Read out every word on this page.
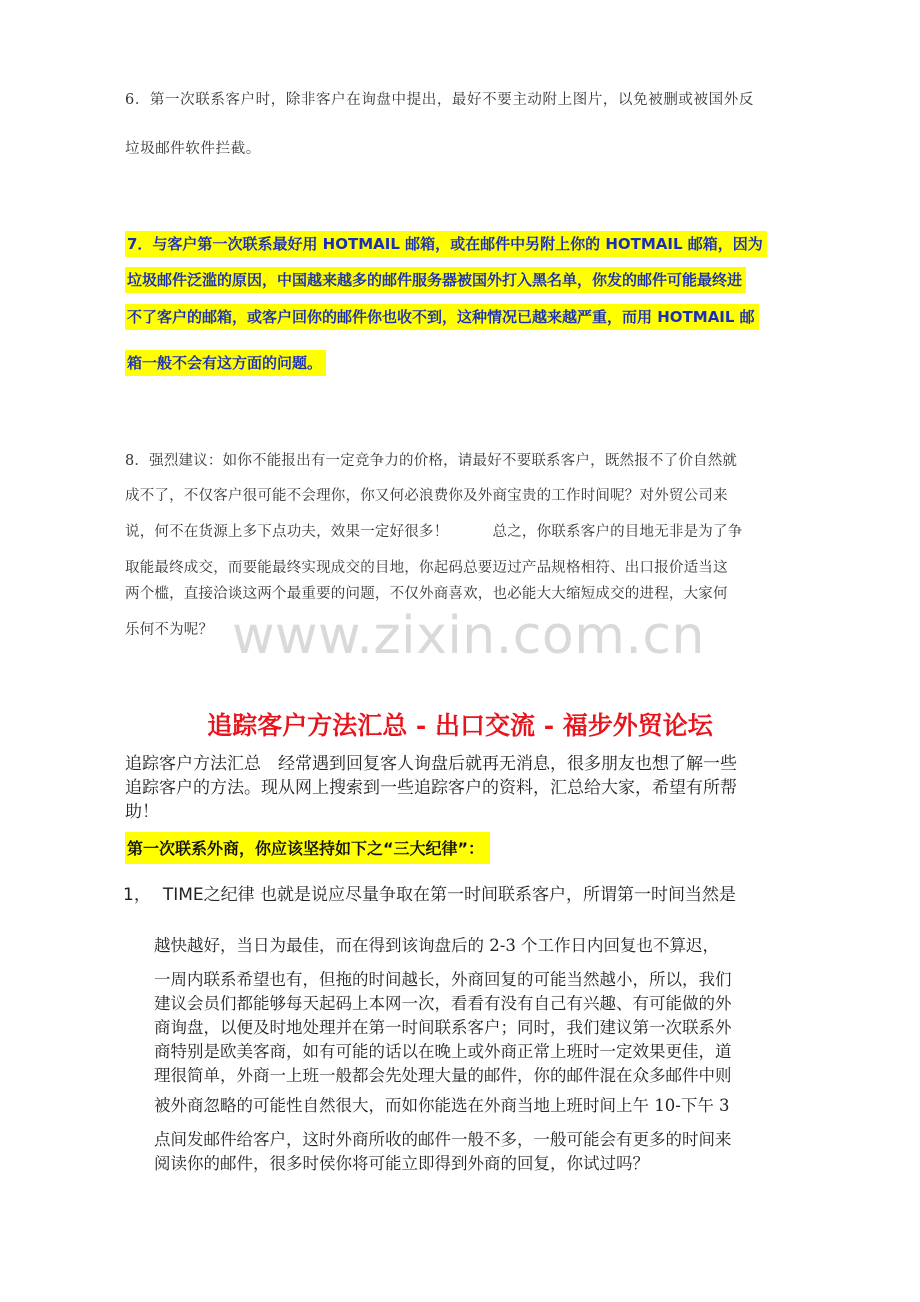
6．第一次联系客户时，除非客户在询盘中提出，最好不要主动附上图片，以免被删或被国外反
垃圾邮件软件拦截。
7．与客户第一次联系最好用 HOTMAIL 邮箱，或在邮件中另附上你的 HOTMAIL 邮箱，因为
垃圾邮件泛滥的原因，中国越来越多的邮件服务器被国外打入黑名单，你发的邮件可能最终进
不了客户的邮箱，或客户回你的邮件你也收不到，这种情况已越来越严重，而用 HOTMAIL 邮
箱一般不会有这方面的问题。
8．强烈建议：如你不能报出有一定竞争力的价格，请最好不要联系客户，既然报不了价自然就
成不了，不仅客户很可能不会理你，你又何必浪费你及外商宝贵的工作时间呢？对外贸公司来
说，何不在货源上多下点功夫，效果一定好很多！　　　总之，你联系客户的目地无非是为了争
取能最终成交，而要能最终实现成交的目地，你起码总要迈过产品规格相符、出口报价适当这
两个槛，直接洽谈这两个最重要的问题，不仅外商喜欢，也必能大大缩短成交的进程，大家何
乐何不为呢？ www.zixin.com.cn
追踪客户方法汇总 - 出口交流 - 福步外贸论坛
追踪客户方法汇总　经常遇到回复客人询盘后就再无消息，很多朋友也想了解一些
追踪客户的方法。现从网上搜索到一些追踪客户的资料，汇总给大家，希望有所帮
助！
第一次联系外商，你应该坚持如下之“三大纪律”：
1， TIME之纪律 也就是说应尽量争取在第一时间联系客户，所谓第一时间当然是
越快越好，当日为最佳，而在得到该询盘后的 2-3 个工作日内回复也不算迟，
一周内联系希望也有，但拖的时间越长，外商回复的可能当然越小，所以，我们
建议会员们都能够每天起码上本网一次，看看有没有自己有兴趣、有可能做的外
商询盘，以便及时地处理并在第一时间联系客户；同时，我们建议第一次联系外
商特别是欧美客商，如有可能的话以在晚上或外商正常上班时一定效果更佳，道
理很简单，外商一上班一般都会先处理大量的邮件，你的邮件混在众多邮件中则
被外商忽略的可能性自然很大，而如你能选在外商当地上班时间上午 10-下午 3
点间发邮件给客户，这时外商所收的邮件一般不多，一般可能会有更多的时间来
阅读你的邮件，很多时侯你将可能立即得到外商的回复，你试过吗？
